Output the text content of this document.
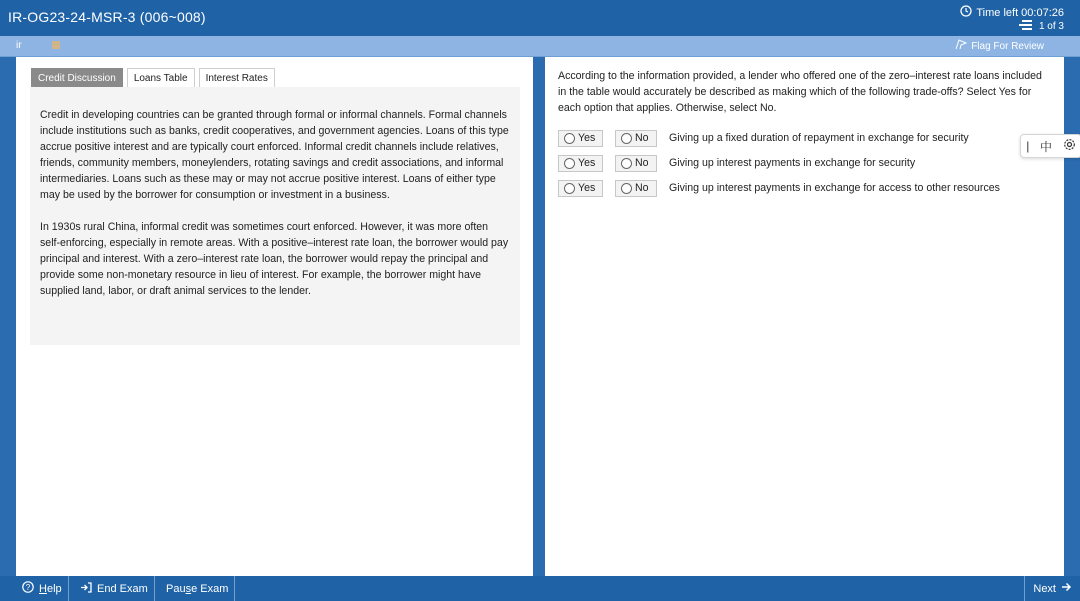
IR-OG23-24-MSR-3 (006~008)	Time left 00:07:26
1 of 3
ir	Flag For Review
Credit Discussion	Loans Table	Interest Rates

Credit in developing countries can be granted through formal or informal channels. Formal channels include institutions such as banks, credit cooperatives, and government agencies. Loans of this type accrue positive interest and are typically court enforced. Informal credit channels include relatives, friends, community members, moneylenders, rotating savings and credit associations, and informal intermediaries. Loans such as these may or may not accrue positive interest. Loans of either type may be used by the borrower for consumption or investment in a business.

In 1930s rural China, informal credit was sometimes court enforced. However, it was more often self-enforcing, especially in remote areas. With a positive–interest rate loan, the borrower would pay principal and interest. With a zero–interest rate loan, the borrower would repay the principal and provide some non-monetary resource in lieu of interest. For example, the borrower might have supplied land, labor, or draft animal services to the lender.

According to the information provided, a lender who offered one of the zero–interest rate loans included in the table would accurately be described as making which of the following trade-offs? Select Yes for each option that applies. Otherwise, select No.
Yes	No Giving up a fixed duration of repayment in exchange for security
Yes	No Giving up interest payments in exchange for security
Yes	No Giving up interest payments in exchange for access to other resources
| 中
? Help	End Exam Pause Exam	Next
